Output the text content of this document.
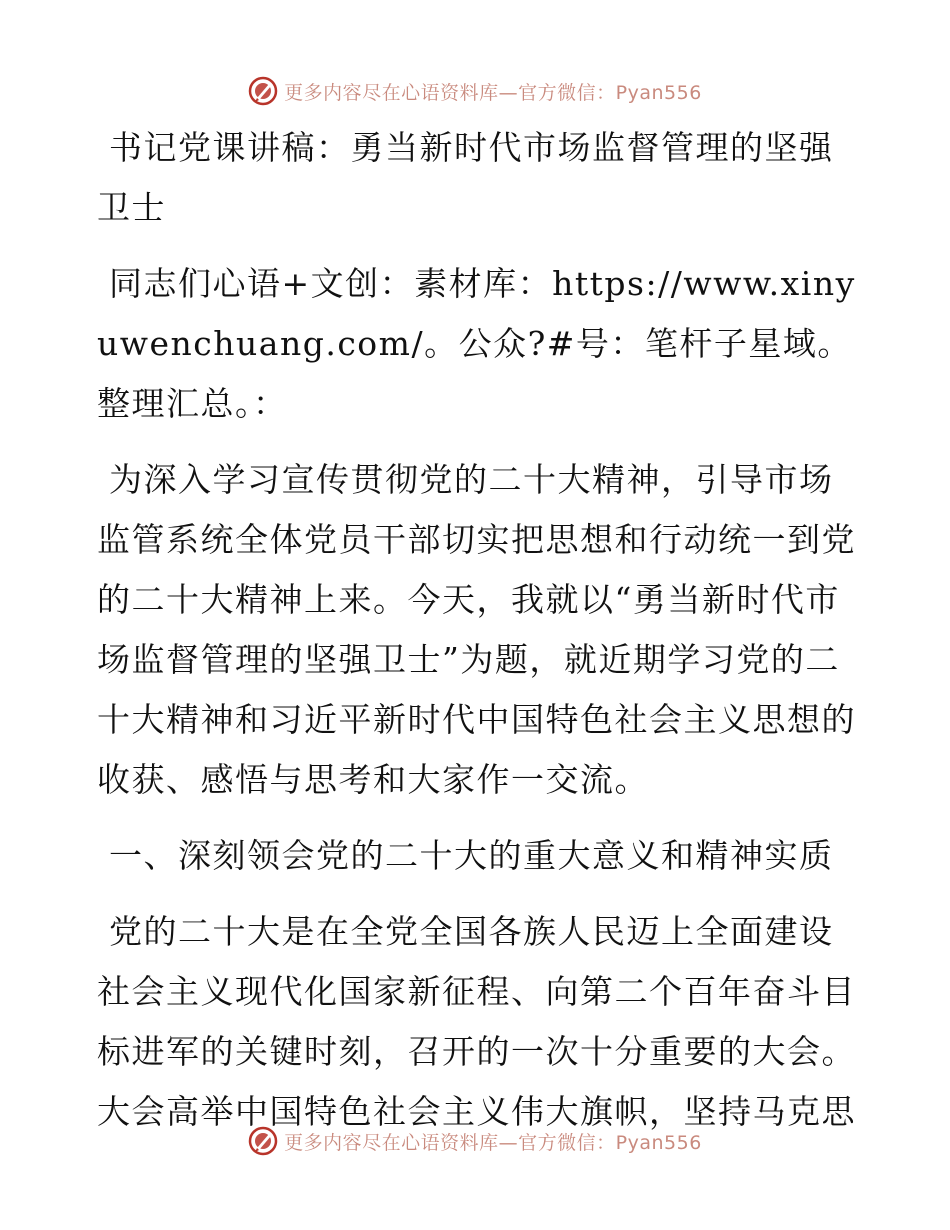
更多内容尽在心语资料库—官方微信：Pyan556

书记党课讲稿：勇当新时代市场监督管理的坚强卫士

同志们心语+文创：素材库：https://www.xinyuwenchuang.com/。公众?#号：笔杆子星域。整理汇总。：

为深入学习宣传贯彻党的二十大精神，引导市场监管系统全体党员干部切实把思想和行动统一到党的二十大精神上来。今天，我就以“勇当新时代市场监督管理的坚强卫士”为题，就近期学习党的二十大精神和习近平新时代中国特色社会主义思想的收获、感悟与思考和大家作一交流。

一、深刻领会党的二十大的重大意义和精神实质

党的二十大是在全党全国各族人民迈上全面建设社会主义现代化国家新征程、向第二个百年奋斗目标进军的关键时刻，召开的一次十分重要的大会。大会高举中国特色社会主义伟大旗帜，坚持马克思

更多内容尽在心语资料库—官方微信：Pyan556
